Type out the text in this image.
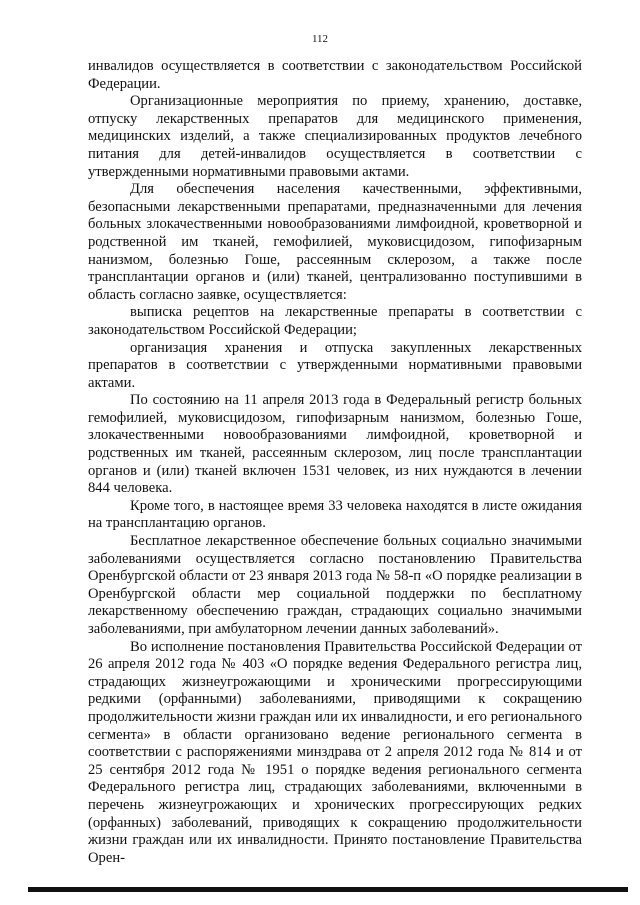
112

инвалидов осуществляется в соответствии с законодательством Российской Федерации.

Организационные мероприятия по приему, хранению, доставке, отпуску лекарственных препаратов для медицинского применения, медицинских изделий, а также специализированных продуктов лечебного питания для детей-инвалидов осуществляется в соответствии с утвержденными нормативными правовыми актами.

Для обеспечения населения качественными, эффективными, безопасными лекарственными препаратами, предназначенными для лечения больных злокачественными новообразованиями лимфоидной, кроветворной и родственной им тканей, гемофилией, муковисцидозом, гипофизарным нанизмом, болезнью Гоше, рассеянным склерозом, а также после трансплантации органов и (или) тканей, централизованно поступившими в область согласно заявке, осуществляется:

выписка рецептов на лекарственные препараты в соответствии с законодательством Российской Федерации;

организация хранения и отпуска закупленных лекарственных препаратов в соответствии с утвержденными нормативными правовыми актами.

По состоянию на 11 апреля 2013 года в Федеральный регистр больных гемофилией, муковисцидозом, гипофизарным нанизмом, болезнью Гоше, злокачественными новообразованиями лимфоидной, кроветворной и родственных им тканей, рассеянным склерозом, лиц после трансплантации органов и (или) тканей включен 1531 человек, из них нуждаются в лечении 844 человека.

Кроме того, в настоящее время 33 человека находятся в листе ожидания на трансплантацию органов.

Бесплатное лекарственное обеспечение больных социально значимыми заболеваниями осуществляется согласно постановлению Правительства Оренбургской области от 23 января 2013 года № 58-п «О порядке реализации в Оренбургской области мер социальной поддержки по бесплатному лекарственному обеспечению граждан, страдающих социально значимыми заболеваниями, при амбулаторном лечении данных заболеваний».

Во исполнение постановления Правительства Российской Федерации от 26 апреля 2012 года № 403 «О порядке ведения Федерального регистра лиц, страдающих жизнеугрожающими и хроническими прогрессирующими редкими (орфанными) заболеваниями, приводящими к сокращению продолжительности жизни граждан или их инвалидности, и его регионального сегмента» в области организовано ведение регионального сегмента в соответствии с распоряжениями минздрава от 2 апреля 2012 года № 814 и от 25 сентября 2012 года № 1951 о порядке ведения регионального сегмента Федерального регистра лиц, страдающих заболеваниями, включенными в перечень жизнеугрожающих и хронических прогрессирующих редких (орфанных) заболеваний, приводящих к сокращению продолжительности жизни граждан или их инвалидности. Принято постановление Правительства Орен-
